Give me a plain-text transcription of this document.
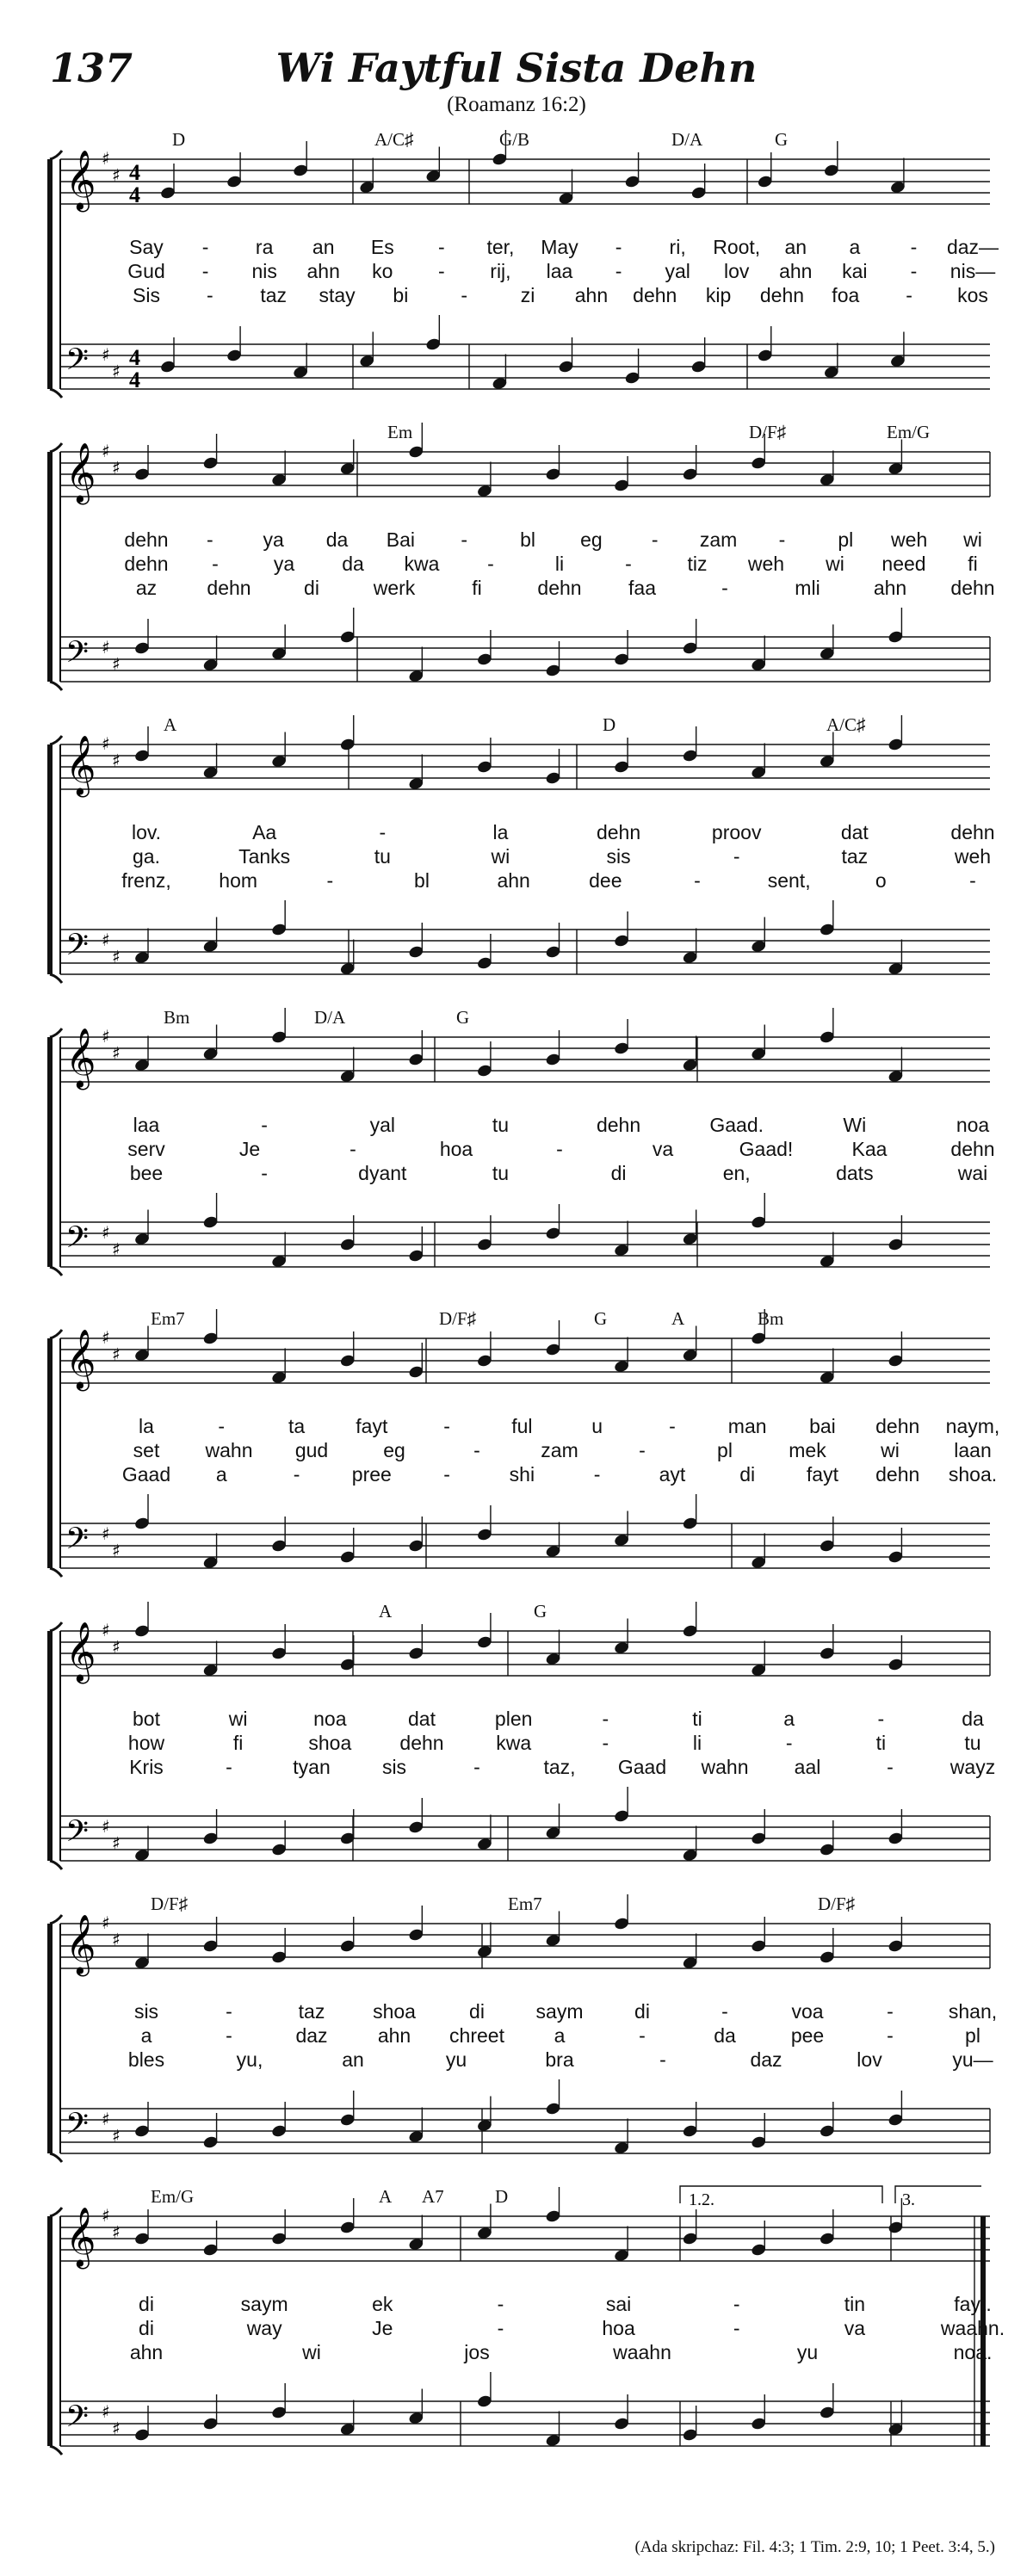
137	Wi Faytful Sista Dehn
(Roamanz 16:2)
𝄞 ♯
♯ 4
4
𝄢 ♯
♯
4
4
D	A/C♯	G/B	D/A	G
Say - ra an Es - ter, May - ri, Root, an a	- daz—
Gud - nis ahn ko - rij, laa - yal lov ahn kai - nis—
Sis - taz stay bi	-	zi ahn dehn kip dehn foa - kos
𝄞 ♯
♯
𝄢 ♯
♯
Em	D/F♯	Em/G
dehn -	ya da Bai -	bl eg - zam -	pl weh wi
dehn -	ya da kwa -	li	-	tiz weh wi need fi
az	dehn	di	werk	fi	dehn faa	-	mli	ahn dehn
𝄞 ♯
♯
𝄢 ♯
♯
A	D	A/C♯
lov.	Aa	-	la	dehn	proov	dat	dehn
ga.	Tanks	tu	wi	sis	-	taz	weh
frenz, hom	-	bl	ahn	dee	-	sent,	o	-
𝄞 ♯
♯
𝄢 ♯
♯
Bm	D/A	G
laa	-	yal	tu	dehn	Gaad.	Wi	noa
serv	Je	-	hoa	-	va	Gaad!	Kaa	dehn
bee	-	dyant	tu	di	en,	dats	wai
𝄞 ♯
♯
𝄢 ♯
♯
Em7	D/F♯	G	A	Bm
la	-	ta	fayt	-	ful	u	-	man bai dehn naym,
set wahn gud	eg	-	zam	-	pl	mek	wi	laan
Gaad a	-	pree	-	shi	-	ayt	di	fayt dehn shoa.
𝄞 ♯
♯
𝄢 ♯
♯
A	G
bot	wi	noa	dat	plen	-	ti	a	-	da
how	fi	shoa dehn	kwa	-	li	-	ti	tu
Kris	-	tyan	sis	-	taz, Gaad wahn aal	-	wayz
𝄞 ♯
♯
𝄢 ♯
♯
D/F♯	Em7	D/F♯
sis	-	taz shoa	di	saym	di	-	voa	-	shan,
a	-	daz	ahn chreet	a	-	da	pee	-	pl
bles	yu,	an	yu	bra	-	daz	lov	yu—
𝄞 ♯
♯
𝄢 ♯
♯
1.2.	3.
Em/G	A A7	D
di	saym	ek	-	sai	-	tin	fayt.
di	way	Je	-	hoa	-	va	waahn.
ahn	wi	jos	waahn	yu	noa.
(Ada skripchaz: Fil. 4:3; 1 Tim. 2:9, 10; 1 Peet. 3:4, 5.)
